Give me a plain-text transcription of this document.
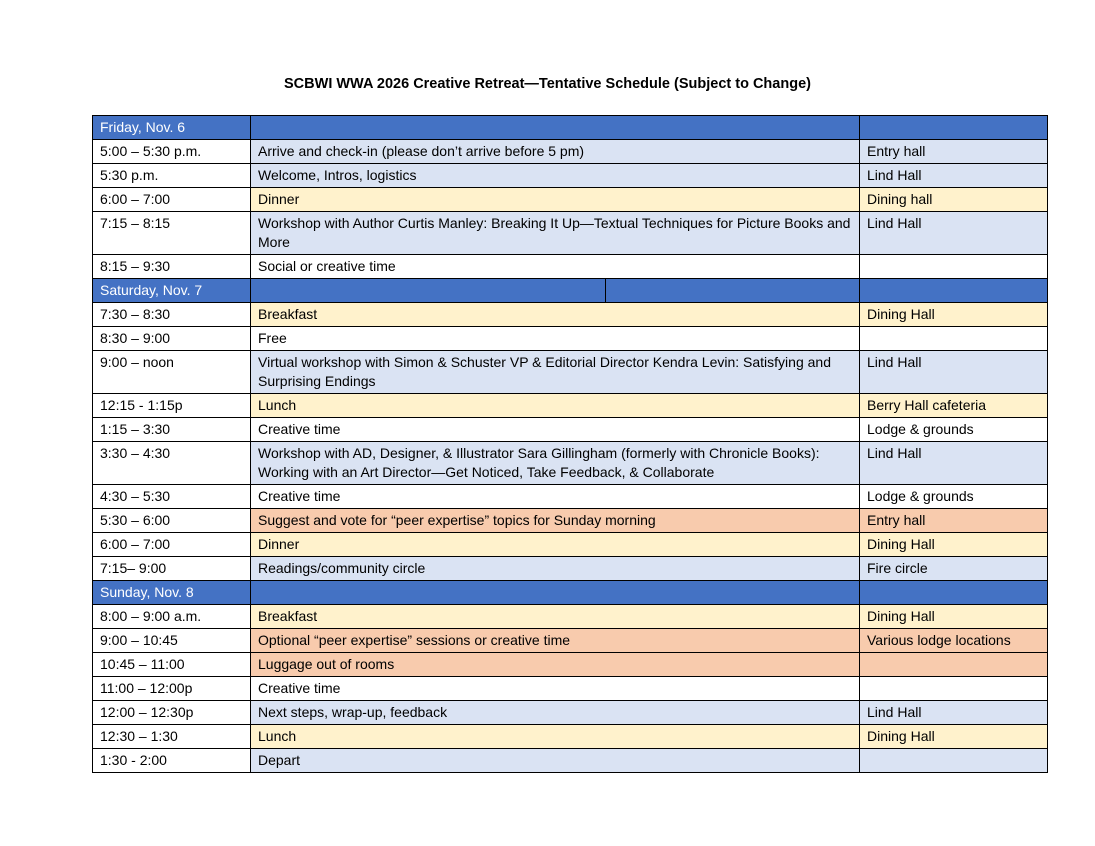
SCBWI WWA 2026 Creative Retreat—Tentative Schedule (Subject to Change)
Friday, Nov. 6			
5:00 – 5:30 p.m.	Arrive and check-in (please don’t arrive before 5 pm)		Entry hall
5:30 p.m.	Welcome, Intros, logistics		Lind Hall
6:00 – 7:00	Dinner		Dining hall
7:15 – 8:15	Workshop with Author Curtis Manley: Breaking It Up—Textual Techniques for Picture Books and More		Lind Hall
8:15 – 9:30	Social or creative time		
Saturday, Nov. 7			
7:30 – 8:30	Breakfast		Dining Hall
8:30 – 9:00	Free		
9:00 – noon	Virtual workshop with Simon & Schuster VP & Editorial Director Kendra Levin: Satisfying and Surprising Endings		Lind Hall
12:15 - 1:15p	Lunch		Berry Hall cafeteria
1:15 – 3:30	Creative time		Lodge & grounds
3:30 – 4:30	Workshop with AD, Designer, & Illustrator Sara Gillingham (formerly with Chronicle Books): Working with an Art Director—Get Noticed, Take Feedback, & Collaborate		Lind Hall
4:30 – 5:30	Creative time		Lodge & grounds
5:30 – 6:00	Suggest and vote for “peer expertise” topics for Sunday morning		Entry hall
6:00 – 7:00	Dinner		Dining Hall
7:15– 9:00	Readings/community circle		Fire circle
Sunday, Nov. 8			
8:00 – 9:00 a.m.	Breakfast		Dining Hall
9:00 – 10:45	Optional “peer expertise” sessions or creative time		Various lodge locations
10:45 – 11:00	Luggage out of rooms		
11:00 – 12:00p	Creative time		
12:00 – 12:30p	Next steps, wrap-up, feedback		Lind Hall
12:30 – 1:30	Lunch		Dining Hall
1:30 - 2:00	Depart		
